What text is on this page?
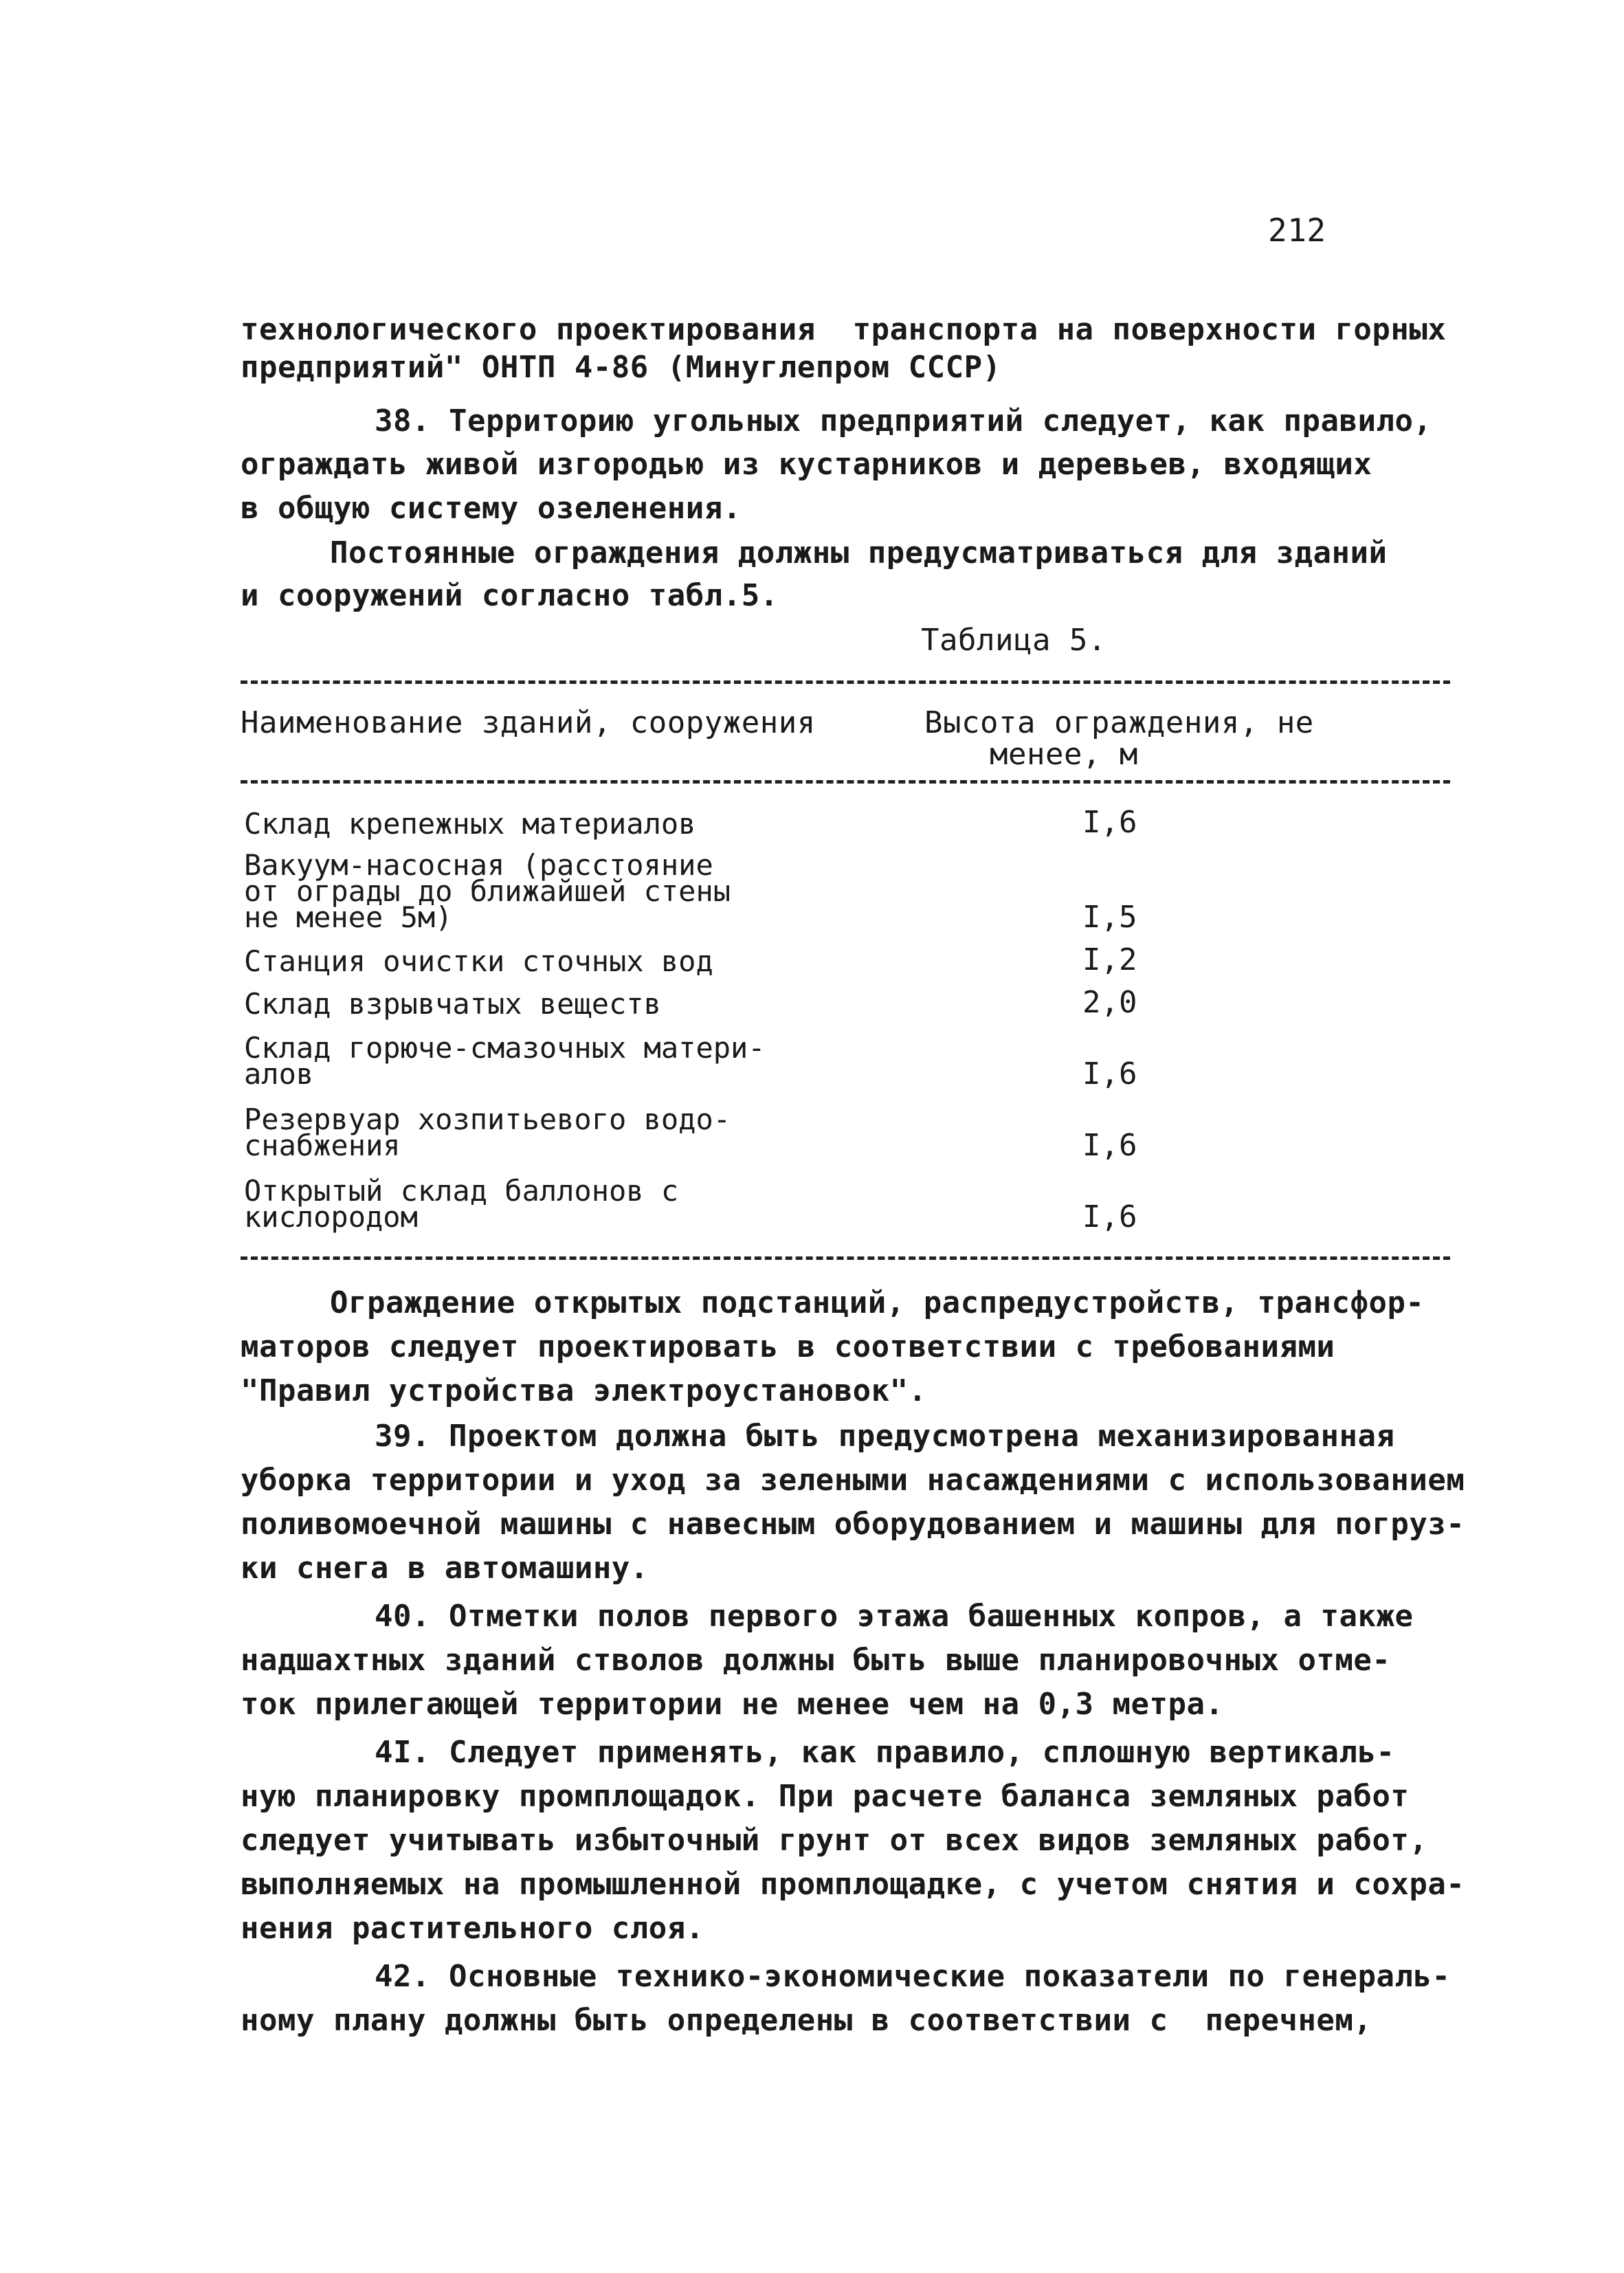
212
технологического проектирования  транспорта на поверхности горных
предприятий" ОНТП 4-86 (Минуглепром СССР)
38. Территорию угольных предприятий следует, как правило,
ограждать живой изгородью из кустарников и деревьев, входящих
в общую систему озеленения.
Постоянные ограждения должны предусматриваться для зданий
и сооружений согласно табл.5.
Таблица 5.
Наименование зданий, сооружения	Высота ограждения, не
менее, м
Склад крепежных материалов	I,6
Вакуум-насосная (расстояние
от ограды до ближайшей стены
не менее 5м)	I,5
Станция очистки сточных вод	I,2
Склад взрывчатых веществ	2,0
Склад горюче-смазочных матери-
алов	I,6
Резервуар хозпитьевого водо-
снабжения	I,6
Открытый склад баллонов с
кислородом	I,6
Ограждение открытых подстанций, распредустройств, трансфор-
маторов следует проектировать в соответствии с требованиями
"Правил устройства электроустановок".
39. Проектом должна быть предусмотрена механизированная
уборка территории и уход за зелеными насаждениями с использованием
поливомоечной машины с навесным оборудованием и машины для погруз-
ки снега в автомашину.
40. Отметки полов первого этажа башенных копров, а также
надшахтных зданий стволов должны быть выше планировочных отме-
ток прилегающей территории не менее чем на 0,3 метра.
4I. Следует применять, как правило, сплошную вертикаль-
ную планировку промплощадок. При расчете баланса земляных работ
следует учитывать избыточный грунт от всех видов земляных работ,
выполняемых на промышленной промплощадке, с учетом снятия и сохра-
нения растительного слоя.
42. Основные технико-экономические показатели по генераль-
ному плану должны быть определены в соответствии с  перечнем,
